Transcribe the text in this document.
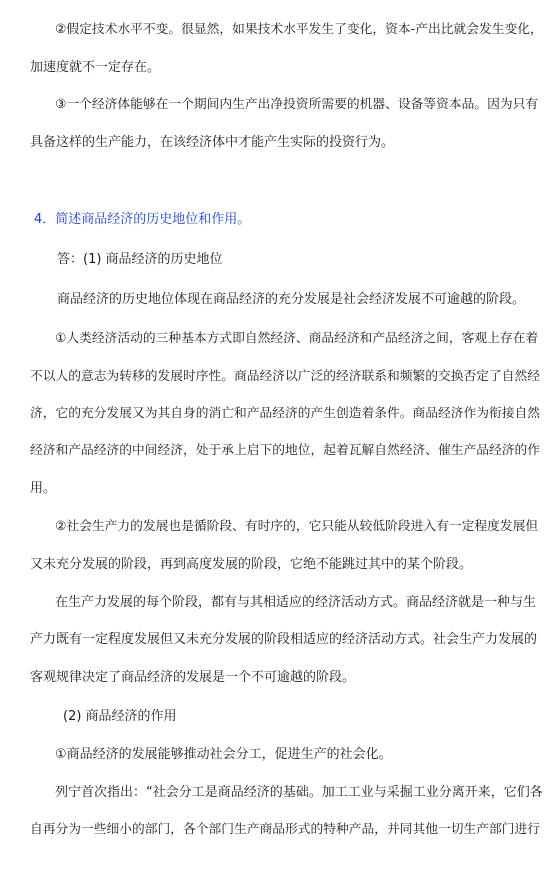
②假定技术水平不变。很显然，如果技术水平发生了变化，资本-产出比就会发生变化，
加速度就不一定存在。
③一个经济体能够在一个期间内生产出净投资所需要的机器、设备等资本品。因为只有
具备这样的生产能力，在该经济体中才能产生实际的投资行为。
4．简述商品经济的历史地位和作用。
答：(1) 商品经济的历史地位
商品经济的历史地位体现在商品经济的充分发展是社会经济发展不可逾越的阶段。
①人类经济活动的三种基本方式即自然经济、商品经济和产品经济之间，客观上存在着
不以人的意志为转移的发展时序性。商品经济以广泛的经济联系和频繁的交换否定了自然经
济，它的充分发展又为其自身的消亡和产品经济的产生创造着条件。商品经济作为衔接自然
经济和产品经济的中间经济，处于承上启下的地位，起着瓦解自然经济、催生产品经济的作
用。
②社会生产力的发展也是循阶段、有时序的，它只能从较低阶段进入有一定程度发展但
又未充分发展的阶段，再到高度发展的阶段，它绝不能跳过其中的某个阶段。
在生产力发展的每个阶段，都有与其相适应的经济活动方式。商品经济就是一种与生
产力既有一定程度发展但又未充分发展的阶段相适应的经济活动方式。社会生产力发展的
客观规律决定了商品经济的发展是一个不可逾越的阶段。
(2) 商品经济的作用
①商品经济的发展能够推动社会分工，促进生产的社会化。
列宁首次指出：“社会分工是商品经济的基础。加工工业与采掘工业分离开来，它们各
自再分为一些细小的部门，各个部门生产商品形式的特种产品，并同其他一切生产部门进行
